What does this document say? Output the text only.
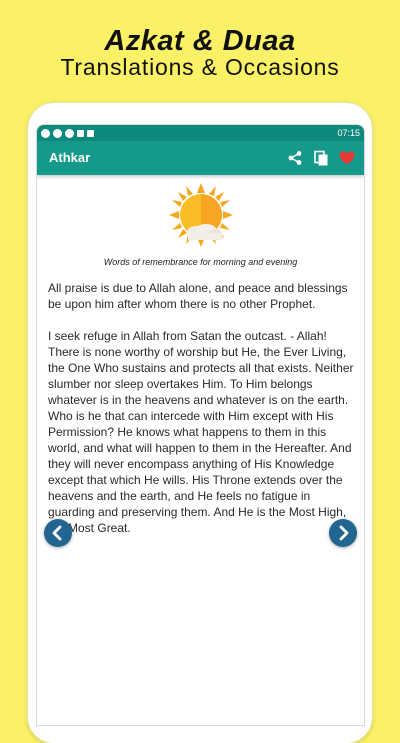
Azkat & Duaa
Translations & Occasions
07:15
Athkar
Words of remembrance for morning and evening
All praise is due to Allah alone, and peace and blessings be upon him after whom there is no other Prophet.
I seek refuge in Allah from Satan the outcast. - Allah! There is none worthy of worship but He, the Ever Living, the One Who sustains and protects all that exists. Neither slumber nor sleep overtakes Him. To Him belongs whatever is in the heavens and whatever is on the earth. Who is he that can intercede with Him except with His Permission? He knows what happens to them in this world, and what will happen to them in the Hereafter. And they will never encompass anything of His Knowledge except that which He wills. His Throne extends over the heavens and the earth, and He feels no fatigue in guarding and preserving them. And He is the Most High, the Most Great.
